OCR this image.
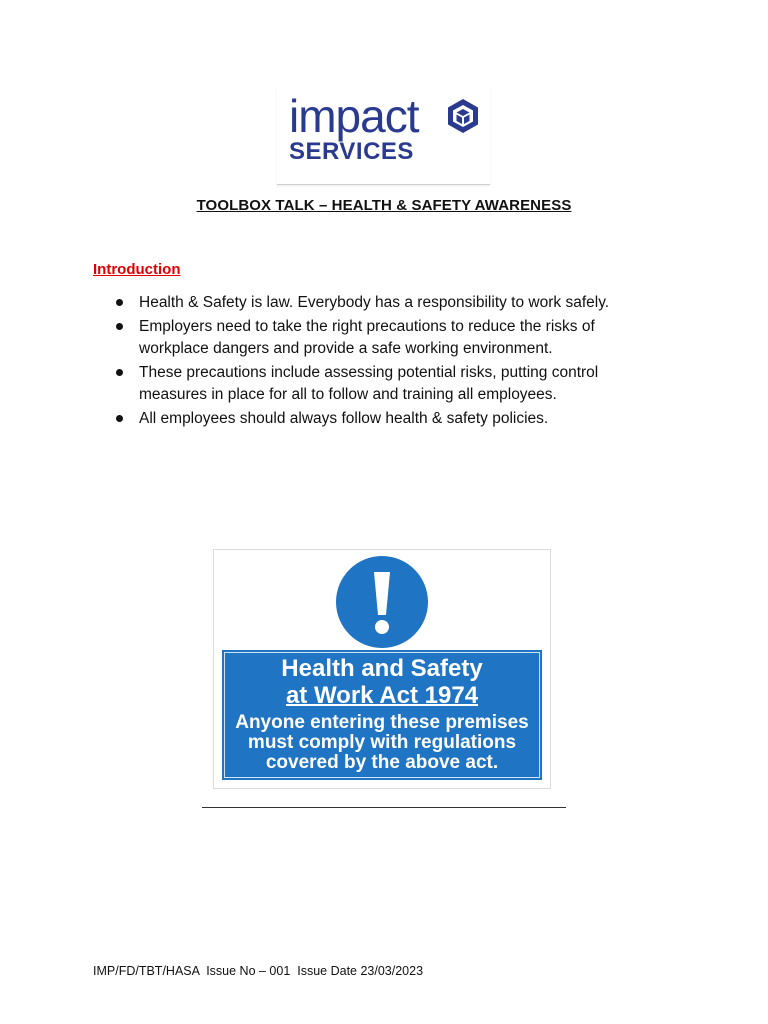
impact
SERVICES
TOOLBOX TALK – HEALTH & SAFETY AWARENESS
Introduction
Health & Safety is law. Everybody has a responsibility to work safely.
Employers need to take the right precautions to reduce the risks of workplace dangers and provide a safe working environment.
These precautions include assessing potential risks, putting control measures in place for all to follow and training all employees.
All employees should always follow health & safety policies.
Health and Safety
at Work Act 1974
Anyone entering these premises must comply with regulations covered by the above act.
IMP/FD/TBT/HASA  Issue No – 001  Issue Date 23/03/2023
